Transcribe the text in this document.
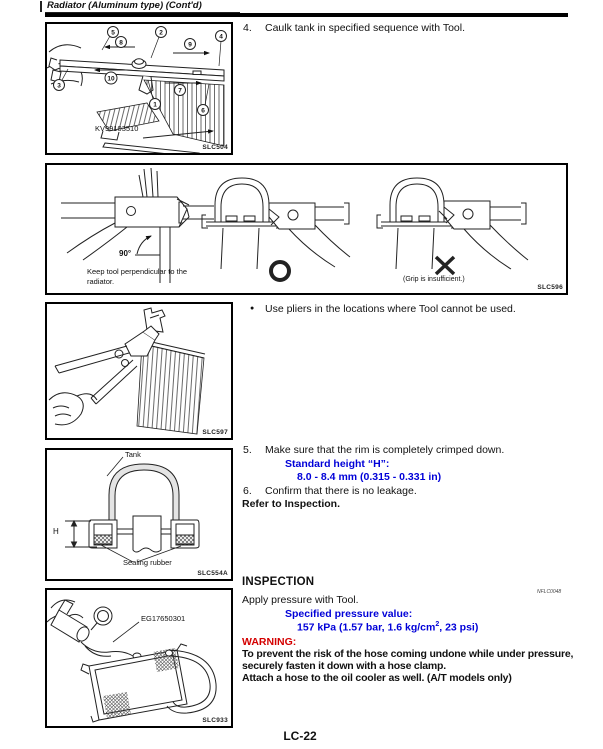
Radiator (Aluminum type) (Cont'd)
1
2
3
4
5
6
7
8	9
10
KV99103510
SLC504
4.	Caulk tank in specified sequence with Tool.
90°
Keep tool perpendicular to the radiator.	(Grip is insufficient.)
SLC596
SLC597
●	Use pliers in the locations where Tool cannot be used.
Tank
H
Sealing rubber
SLC554A
5.	Make sure that the rim is completely crimped down.
Standard height “H”:
8.0 - 8.4 mm (0.315 - 0.331 in)
6.	Confirm that there is no leakage.
Refer to Inspection.
INSPECTION
NFLC0048
Apply pressure with Tool.
Specified pressure value:
157 kPa (1.57 bar, 1.6 $kg/cm^2$, 23 psi)
WARNING:
To prevent the risk of the hose coming undone while under pressure, securely fasten it down with a hose clamp.
Attach a hose to the oil cooler as well. (A/T models only)
EG17650301
SLC933
LC-22
